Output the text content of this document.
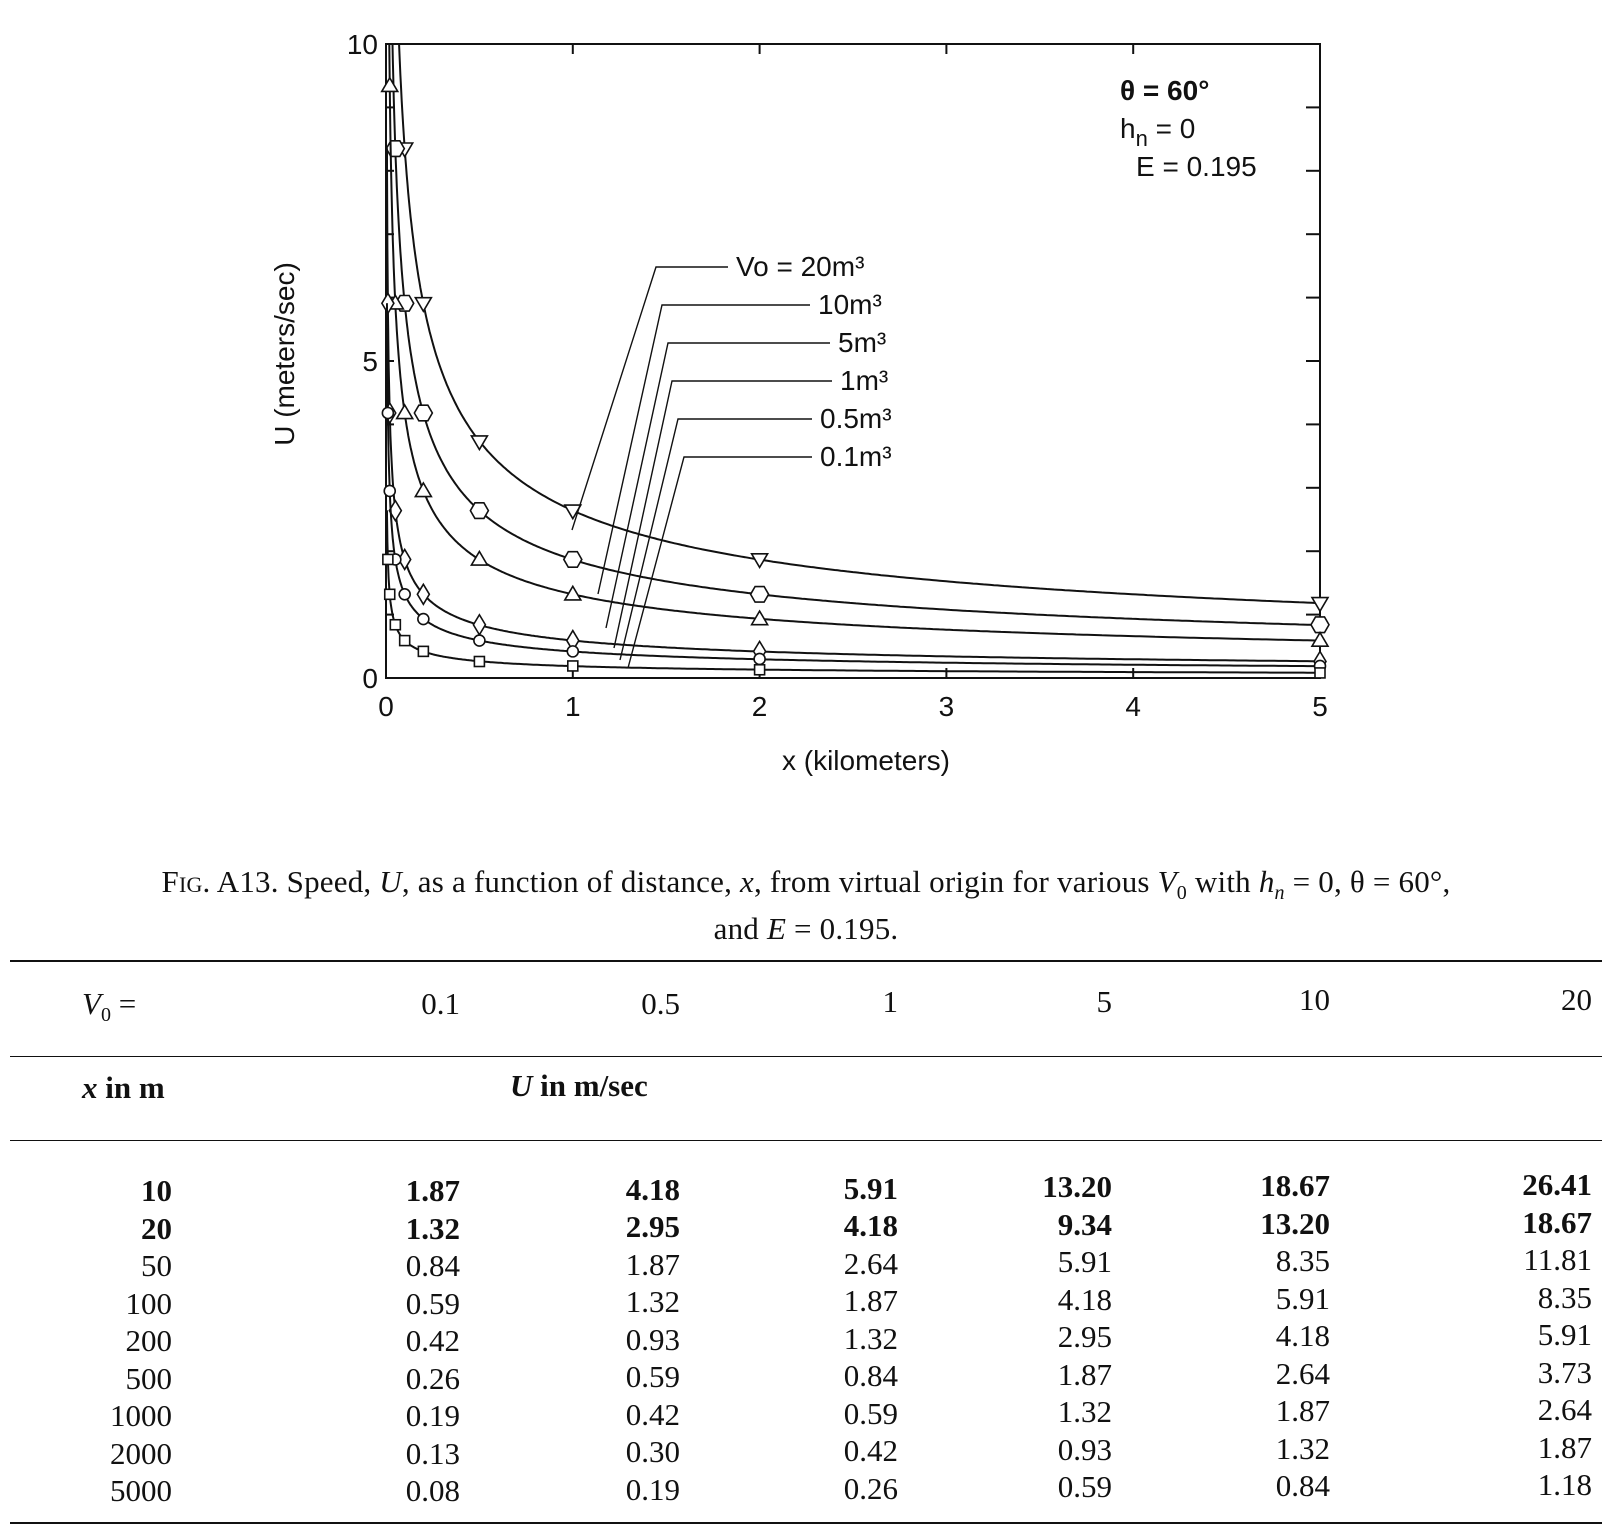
0	1	2	3	4	5
0
5
10
Vo = 20m³
10m³
5m³
1m³
0.5m³
0.1m³
θ = 60°
$h_n = 0$
E = 0.195
x (kilometers)
U (meters/sec)
Fig. A13. Speed, U, as a function of distance, x, from virtual origin for various $V_0$ with $h_n = 0$, θ = 60°,
and E = 0.195.
$V_0$ =	0.1	0.5	1	5	10	20
x in m	U in m/sec
10	1.87	4.18	5.91	13.20	18.67	26.41
20	1.32	2.95	4.18	9.34	13.20	18.67
50	0.84	1.87	2.64	5.91	8.35	11.81
100	0.59	1.32	1.87	4.18	5.91	8.35
200	0.42	0.93	1.32	2.95	4.18	5.91
500	0.26	0.59	0.84	1.87	2.64	3.73
1000	0.19	0.42	0.59	1.32	1.87	2.64
2000	0.13	0.30	0.42	0.93	1.32	1.87
5000	0.08	0.19	0.26	0.59	0.84	1.18
